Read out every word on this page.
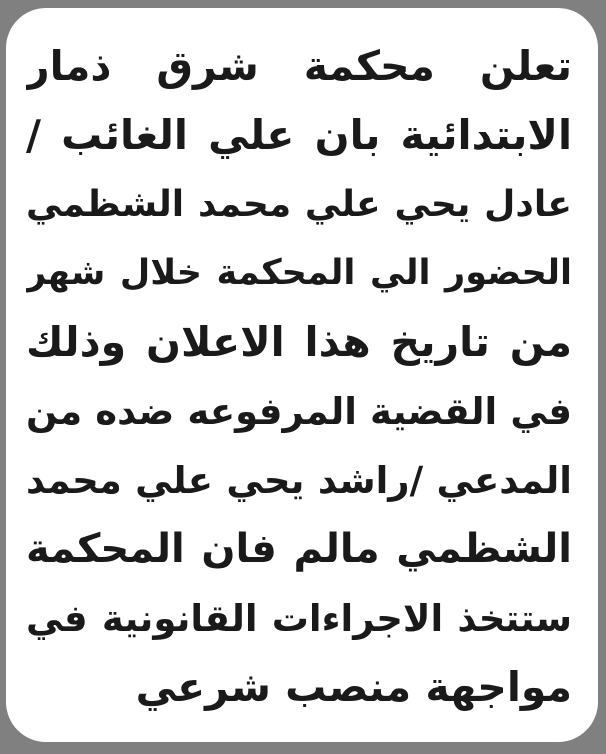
تعلن محكمة شرق ذمار
الابتدائية بان علي الغائب /
عادل يحي علي محمد الشظمي
الحضور الي المحكمة خلال شهر
من تاريخ هذا الاعلان وذلك
في القضية المرفوعه ضده من
المدعي /راشد يحي علي محمد
الشظمي مالم فان المحكمة
ستتخذ الاجراءات القانونية في
مواجهة منصب شرعي
